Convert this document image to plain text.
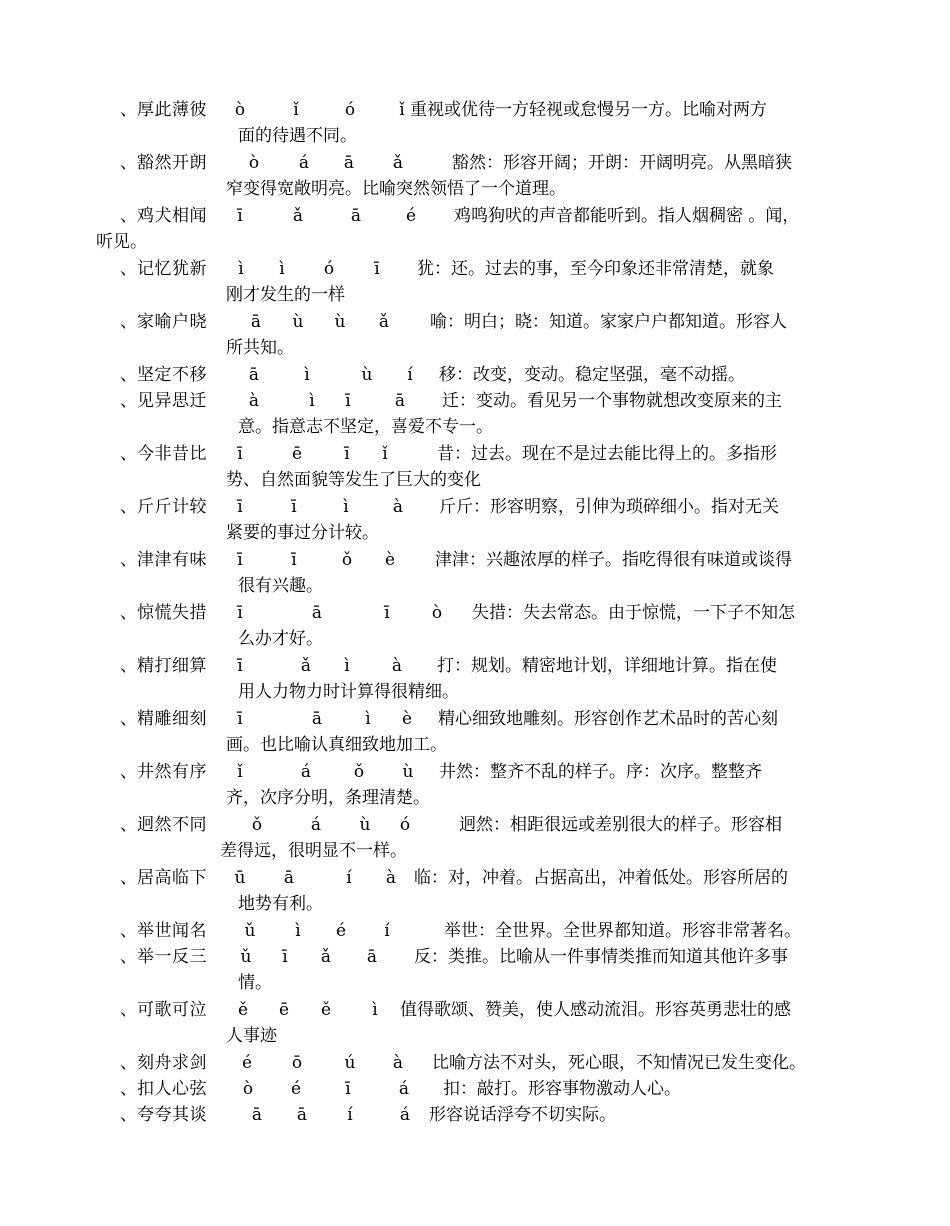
、 厚此薄彼 ò	ǐ	ó	ǐ 重视或优待一方轻视或怠慢另一方。比喻对两方
面的待遇不同。
、 豁然开朗 ò á ā ǎ	豁然：形容开阔；开朗：开阔明亮。从黑暗狭
窄变得宽敞明亮。比喻突然领悟了一个道理。
、 鸡犬相闻 ī	ǎ	ā	é 鸡鸣狗吠的声音都能听到。指人烟稠密 。闻，
听见。
、 记忆犹新 ì ì ó ī 犹：还。过去的事，至今印象还非常清楚，就象
刚才发生的一样
、 家喻户晓	ā ù ù ǎ 喻：明白；晓：知道。家家户户都知道。形容人
所共知。
、 坚定不移 ā	ì	ù í 移：改变，变动。稳定坚强，毫不动摇。
、 见异思迁 à	ì ī	ā 迁：变动。看见另一个事物就想改变原来的主
意。指意志不坚定，喜爱不专一。
、 今非昔比 ī	ē ī ǐ	昔：过去。现在不是过去能比得上的。多指形
势、自然面貌等发生了巨大的变化
、 斤斤计较 ī	ī	ì	à 斤斤：形容明察，引伸为琐碎细小。指对无关
紧要的事过分计较。
、 津津有味 ī	ī	ǒ è 津津：兴趣浓厚的样子。指吃得很有味道或谈得
很有兴趣。
、 惊慌失措 ī	ā	ī ò 失措：失去常态。由于惊慌，一下子不知怎
么办才好。
、 精打细算 ī	ǎ ì à 打：规划。精密地计划，详细地计算。指在使
用人力物力时计算得很精细。
、 精雕细刻 ī	ā	ì è 精心细致地雕刻。形容创作艺术品时的苦心刻
画。也比喻认真细致地加工。
、 井然有序 ǐ	á	ǒ ù 井然：整齐不乱的样子。序：次序。整整齐
齐，次序分明，条理清楚。
、 迥然不同	ǒ	á ù ó	迥然：相距很远或差别很大的样子。形容相
差得远，很明显不一样。
、 居高临下 ū ā	í à 临：对，冲着。占据高出，冲着低处。形容所居的
地势有利。
、 举世闻名 ǔ ì é í	举世：全世界。全世界都知道。形容非常著名。
、 举一反三 ǔ ī ǎ ā 反：类推。比喻从一件事情类推而知道其他许多事
情。
、 可歌可泣 ě ē ě ì 值得歌颂、赞美，使人感动流泪。形容英勇悲壮的感
人事迹
、 刻舟求剑 é ō ú à 比喻方法不对头，死心眼，不知情况已发生变化。
、 扣人心弦 ò é	ī	á 扣：敲打。形容事物激动人心。
、 夸夸其谈	ā ā í	á 形容说话浮夸不切实际。
